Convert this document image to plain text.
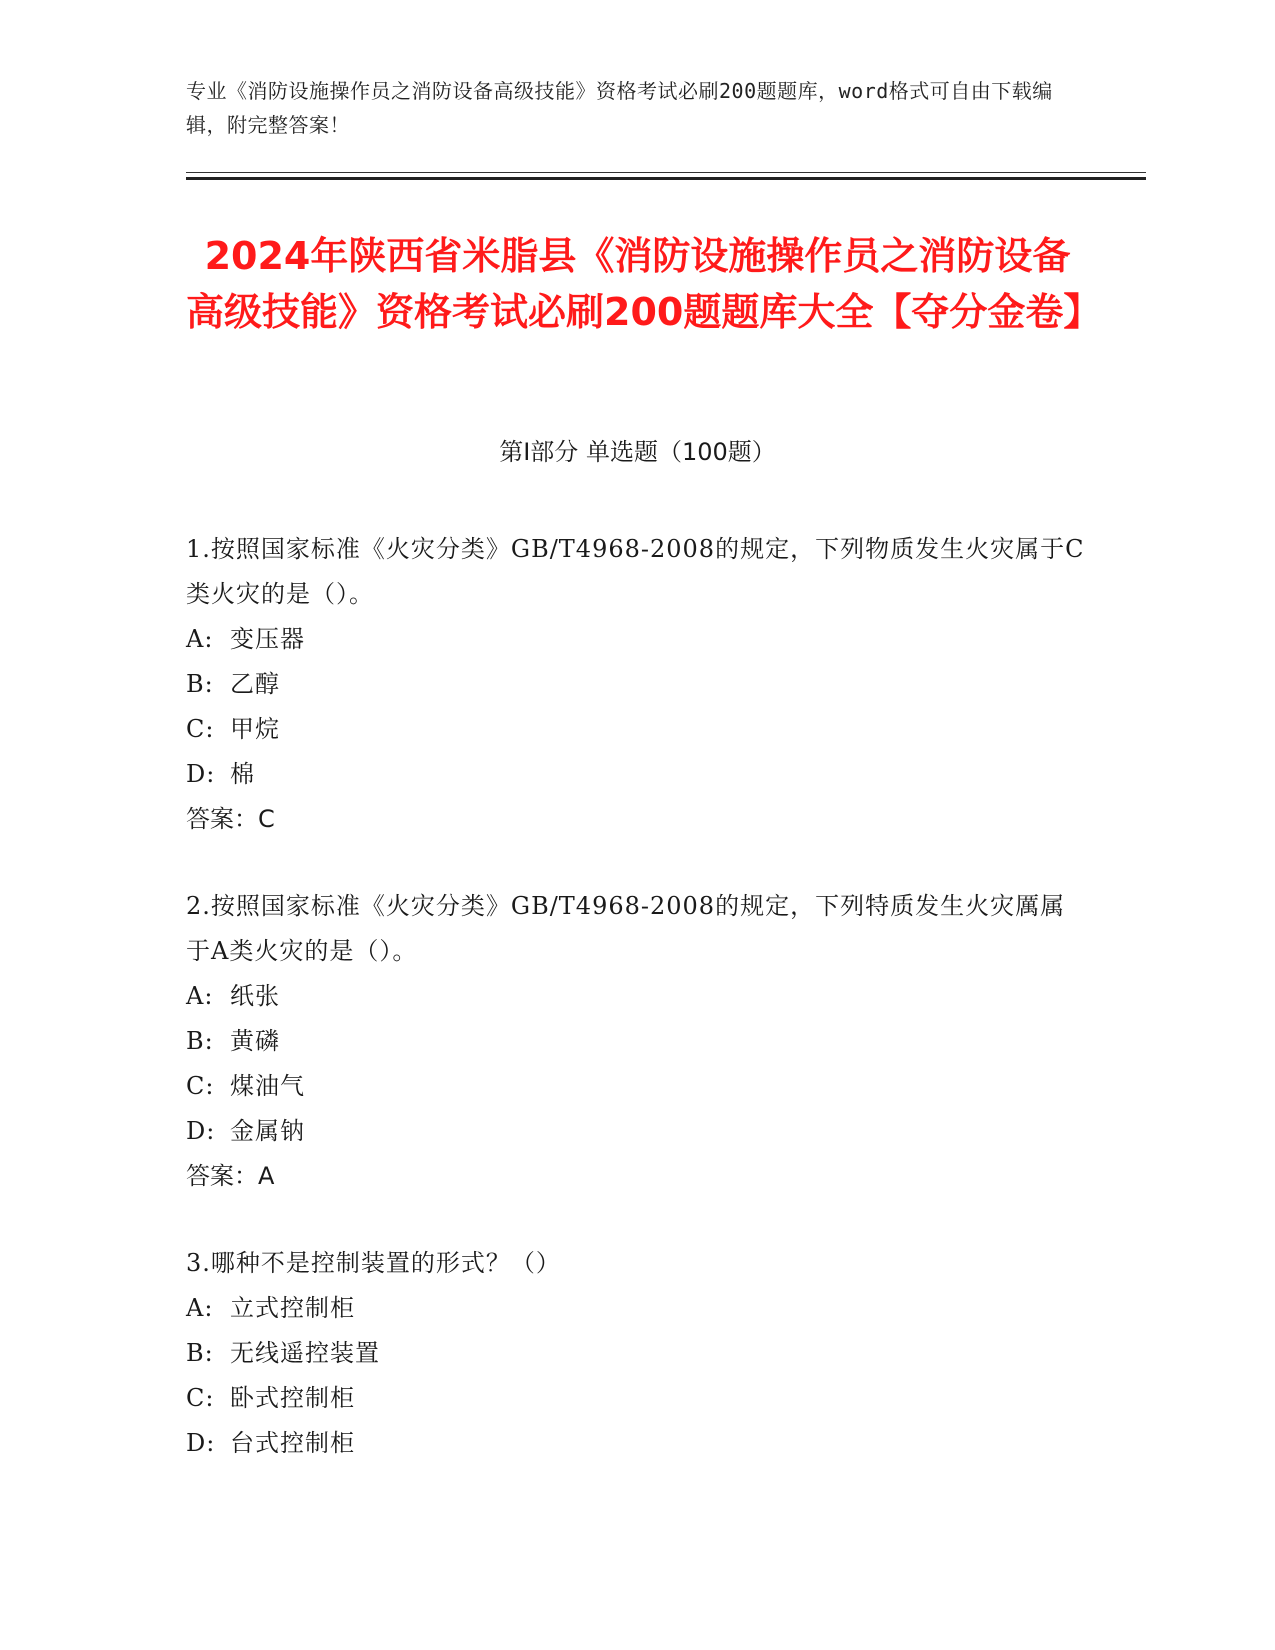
专业《消防设施操作员之消防设备高级技能》资格考试必刷200题题库，word格式可自由下载编辑，附完整答案！
2024年陕西省米脂县《消防设施操作员之消防设备高级技能》资格考试必刷200题题库大全【夺分金卷】
第I部分 单选题（100题）
1.按照国家标准《火灾分类》GB/T4968-2008的规定，下列物质发生火灾属于C类火灾的是（）。
A: 变压器
B: 乙醇
C: 甲烷
D: 棉
答案：C
2.按照国家标准《火灾分类》GB/T4968-2008的规定，下列特质发生火灾厲属于A类火灾的是（）。
A: 纸张
B: 黄磷
C: 煤油气
D: 金属钠
答案：A
3.哪种不是控制装置的形式？（）
A: 立式控制柜
B: 无线遥控装置
C: 卧式控制柜
D: 台式控制柜
